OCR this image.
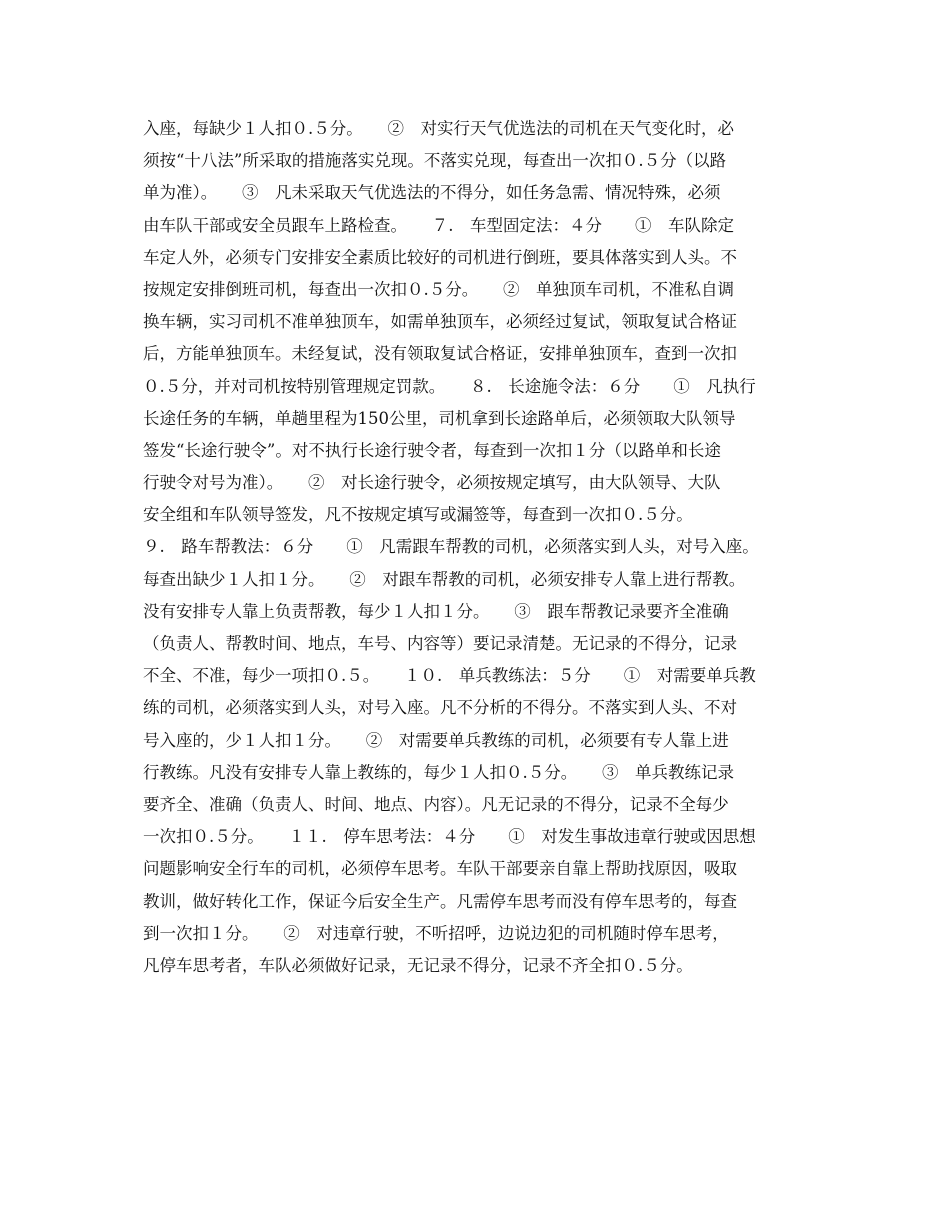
入座，每缺少１人扣０.５分。　　②　对实行天气优选法的司机在天气变化时，必
须按“十八法”所采取的措施落实兑现。不落实兑现，每查出一次扣０.５分（以路
单为准）。　　③　凡未采取天气优选法的不得分，如任务急需、情况特殊，必须
由车队干部或安全员跟车上路检查。　　７.　车型固定法：４分　　①　车队除定
车定人外，必须专门安排安全素质比较好的司机进行倒班，要具体落实到人头。不
按规定安排倒班司机，每查出一次扣０.５分。　　②　单独顶车司机，不准私自调
换车辆，实习司机不准单独顶车，如需单独顶车，必须经过复试，领取复试合格证
后，方能单独顶车。未经复试，没有领取复试合格证，安排单独顶车，查到一次扣
０.５分，并对司机按特别管理规定罚款。　　８.　长途施令法：６分　　①　凡执行
长途任务的车辆，单趟里程为150公里，司机拿到长途路单后，必须领取大队领导
签发“长途行驶令”。对不执行长途行驶令者，每查到一次扣１分（以路单和长途
行驶令对号为准）。　　②　对长途行驶令，必须按规定填写，由大队领导、大队
安全组和车队领导签发，凡不按规定填写或漏签等，每查到一次扣０.５分。
９.　路车帮教法：６分　　①　凡需跟车帮教的司机，必须落实到人头，对号入座。
每查出缺少１人扣１分。　　②　对跟车帮教的司机，必须安排专人靠上进行帮教。
没有安排专人靠上负责帮教，每少１人扣１分。　　③　跟车帮教记录要齐全准确
（负责人、帮教时间、地点，车号、内容等）要记录清楚。无记录的不得分，记录
不全、不准，每少一项扣０.５。　　１０.　单兵教练法：５分　　①　对需要单兵教
练的司机，必须落实到人头，对号入座。凡不分析的不得分。不落实到人头、不对
号入座的，少１人扣１分。　　②　对需要单兵教练的司机，必须要有专人靠上进
行教练。凡没有安排专人靠上教练的，每少１人扣０.５分。　　③　单兵教练记录
要齐全、准确（负责人、时间、地点、内容）。凡无记录的不得分，记录不全每少
一次扣０.５分。　　１１.　停车思考法：４分　　①　对发生事故违章行驶或因思想
问题影响安全行车的司机，必须停车思考。车队干部要亲自靠上帮助找原因，吸取
教训，做好转化工作，保证今后安全生产。凡需停车思考而没有停车思考的，每查
到一次扣１分。　　②　对违章行驶，不听招呼，边说边犯的司机随时停车思考，
凡停车思考者，车队必须做好记录，无记录不得分，记录不齐全扣０.５分。
